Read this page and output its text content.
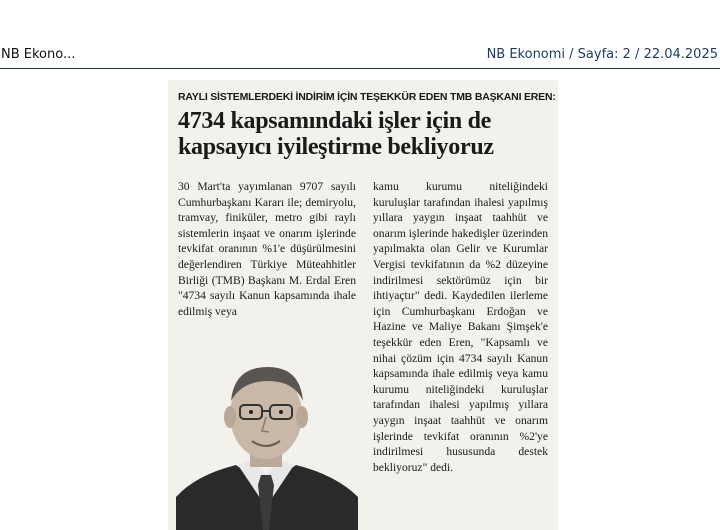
NB Ekono...	NB Ekonomi / Sayfa: 2 / 22.04.2025
RAYLI SİSTEMLERDEKİ İNDİRİM İÇİN TEŞEKKÜR EDEN TMB BAŞKANI EREN:
4734 kapsamındaki işler için de kapsayıcı iyileştirme bekliyoruz
30 Mart'ta yayımlanan 9707 sayılı Cumhurbaşkanı Kararı ile; demiryolu, tramvay, finiküler, metro gibi raylı sistemlerin inşaat ve onarım işlerinde tevkifat oranının %1'e düşürülmesini değerlendiren Türkiye Müteahhitler Birliği (TMB) Başkanı M. Erdal Eren "4734 sayılı Kanun kapsamında ihale edilmiş veya
kamu kurumu niteliğindeki kuruluşlar tarafından ihalesi yapılmış yıllara yaygın inşaat taahhüt ve onarım işlerinde hakedişler üzerinden yapılmakta olan Gelir ve Kurumlar Vergisi tevkifatının da %2 düzeyine indirilmesi sektörümüz için bir ihtiyaçtır" dedi. Kaydedilen ilerleme için Cumhurbaşkanı Erdoğan ve Hazine ve Maliye Bakanı Şimşek'e teşekkür eden Eren, "Kapsamlı ve nihai çözüm için 4734 sayılı Kanun kapsamında ihale edilmiş veya kamu kurumu niteliğindeki kuruluşlar tarafından ihalesi yapılmış yıllara yaygın inşaat taahhüt ve onarım işlerinde tevkifat oranının %2'ye indirilmesi hususunda destek bekliyoruz" dedi.
